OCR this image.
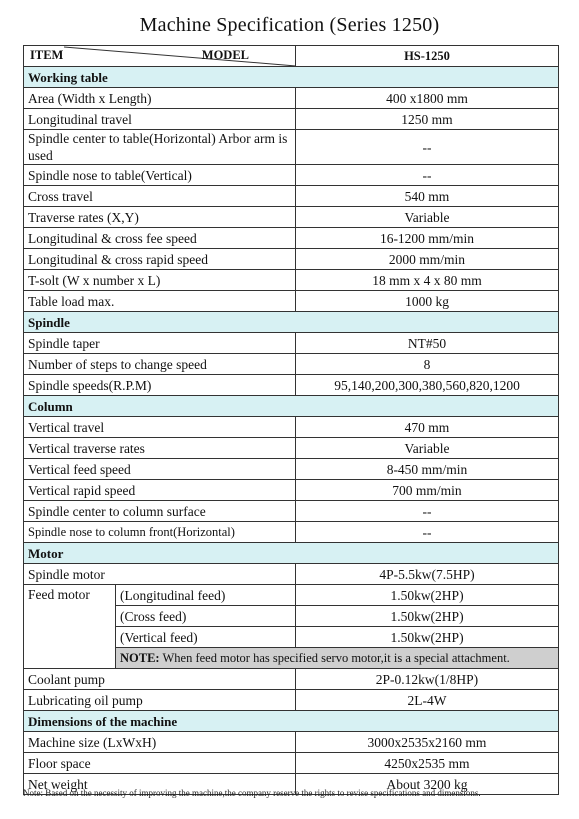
Machine Specification (Series 1250)
ITEM MODEL		HS-1250
Working table		
Area (Width x Length)		400 x1800 mm
Longitudinal travel		1250 mm
Spindle center to table(Horizontal) Arbor arm is used		--
Spindle nose to table(Vertical)		--
Cross travel		540 mm
Traverse rates (X,Y)		Variable
Longitudinal & cross fee speed		16-1200 mm/min
Longitudinal & cross rapid speed		2000 mm/min
T-solt (W x number x L)		18 mm x 4 x 80 mm
Table load max.		1000 kg
Spindle		
Spindle taper		NT#50
Number of steps to change speed		8
Spindle speeds(R.P.M)		95,140,200,300,380,560,820,1200
Column		
Vertical travel		470 mm
Vertical traverse rates		Variable
Vertical feed speed		8-450 mm/min
Vertical rapid speed		700 mm/min
Spindle center to column surface		--
Spindle nose to column front(Horizontal)		--
Motor		
Spindle motor		4P-5.5kw(7.5HP)
Feed motor	(Longitudinal feed)	1.50kw(2HP)
	(Cross feed)	1.50kw(2HP)
	(Vertical feed)	1.50kw(2HP)
	NOTE: When feed motor has specified servo motor,it is a special attachment.	
Coolant pump		2P-0.12kw(1/8HP)
Lubricating oil pump		2L-4W
Dimensions of the machine		
Machine size (LxWxH)		3000x2535x2160 mm
Floor space		4250x2535 mm
Net weight		About 3200 kg
Note: Based on the necessity of improving the machine,the company reserve the rights to revise specifications and dimensions.
